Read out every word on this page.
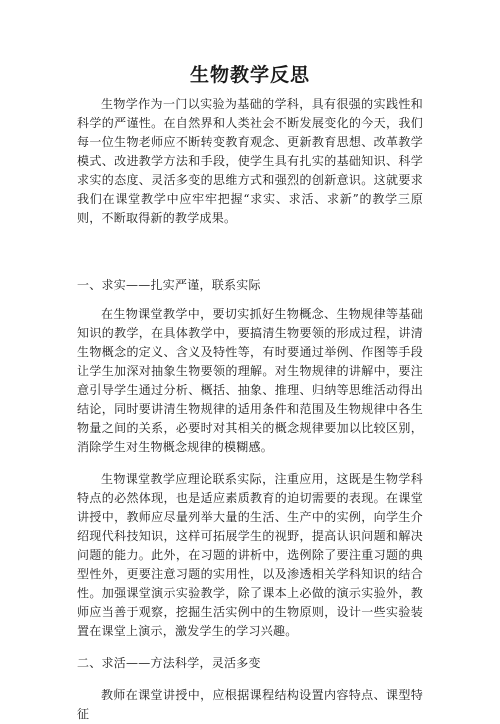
生物教学反思

生物学作为一门以实验为基础的学科，具有很强的实践性和科学的严谨性。在自然界和人类社会不断发展变化的今天，我们每一位生物老师应不断转变教育观念、更新教育思想、改革教学模式、改进教学方法和手段，使学生具有扎实的基础知识、科学求实的态度、灵活多变的思维方式和强烈的创新意识。这就要求我们在课堂教学中应牢牢把握“求实、求活、求新”的教学三原则，不断取得新的教学成果。

一、求实——扎实严谨，联系实际

在生物课堂教学中，要切实抓好生物概念、生物规律等基础知识的教学，在具体教学中，要搞清生物要领的形成过程，讲清生物概念的定义、含义及特性等，有时要通过举例、作图等手段让学生加深对抽象生物要领的理解。对生物规律的讲解中，要注意引导学生通过分析、概括、抽象、推理、归纳等思维活动得出结论，同时要讲清生物规律的适用条件和范围及生物规律中各生物量之间的关系，必要时对其相关的概念规律要加以比较区别，消除学生对生物概念规律的模糊感。

生物课堂教学应理论联系实际，注重应用，这既是生物学科特点的必然体现，也是适应素质教育的迫切需要的表现。在课堂讲授中，教师应尽量列举大量的生活、生产中的实例，向学生介绍现代科技知识，这样可拓展学生的视野，提高认识问题和解决问题的能力。此外，在习题的讲析中，选例除了要注重习题的典型性外，更要注意习题的实用性，以及渗透相关学科知识的结合性。加强课堂演示实验教学，除了课本上必做的演示实验外，教师应当善于观察，挖掘生活实例中的生物原则，设计一些实验装置在课堂上演示，激发学生的学习兴趣。

二、求活——方法科学，灵活多变

教师在课堂讲授中，应根据课程结构设置内容特点、课型特征
